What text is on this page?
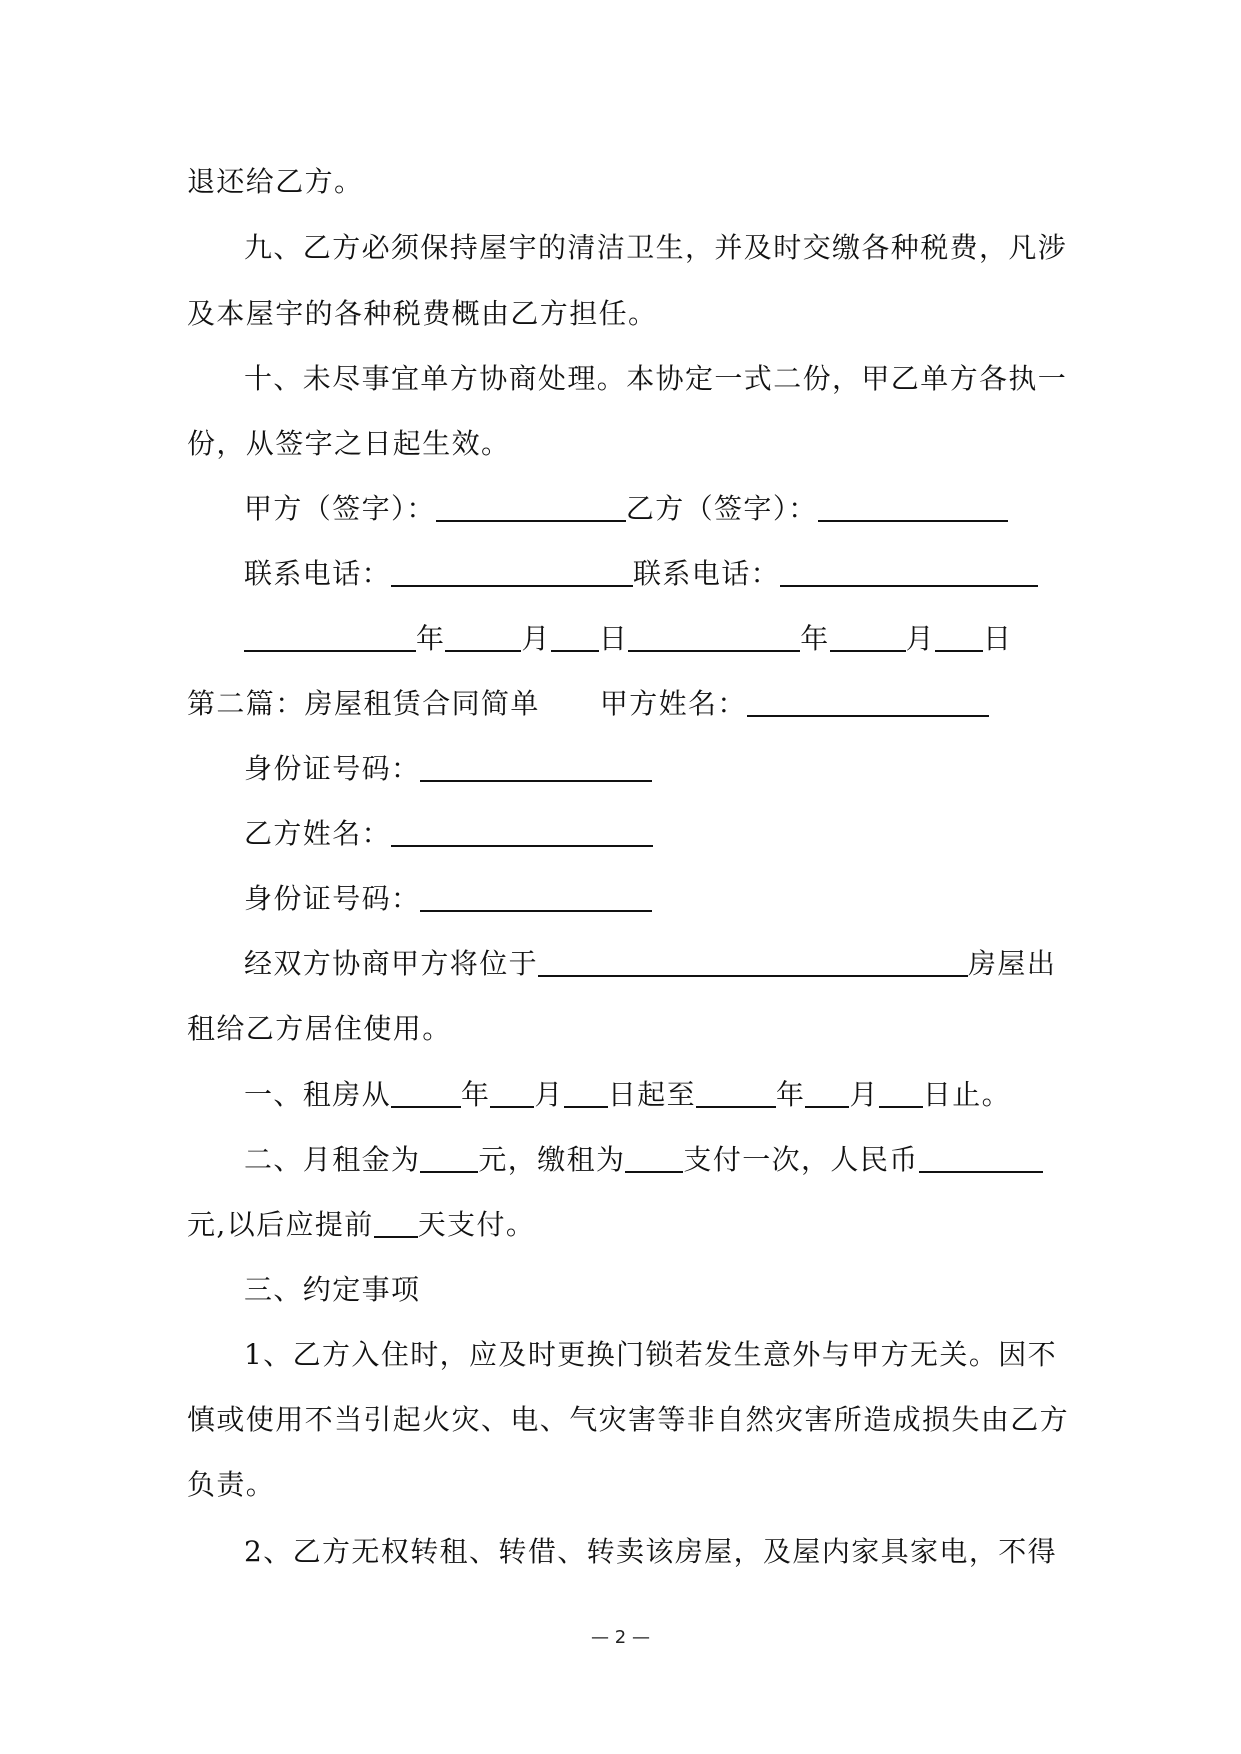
退还给乙方。
九、乙方必须保持屋宇的清洁卫生，并及时交缴各种税费，凡涉
及本屋宇的各种税费概由乙方担任。
十、未尽事宜单方协商处理。本协定一式二份，甲乙单方各执一
份，从签字之日起生效。
甲方（签字）：	乙方（签字）：
联系电话：	联系电话：
年	月 日	年	月 日
第二篇：房屋租赁合同简单 甲方姓名：
身份证号码：
乙方姓名：
身份证号码：
经双方协商甲方将位于	房屋出
租给乙方居住使用。
一、租房从	年 月 日起至	年 月 日止。
二、月租金为 元，缴租为 支付一次，人民币
元,以后应提前 天支付。
三、约定事项
1、乙方入住时，应及时更换门锁若发生意外与甲方无关。因不
慎或使用不当引起火灾、电、气灾害等非自然灾害所造成损失由乙方
负责。
2、乙方无权转租、转借、转卖该房屋，及屋内家具家电，不得
— 2 —
